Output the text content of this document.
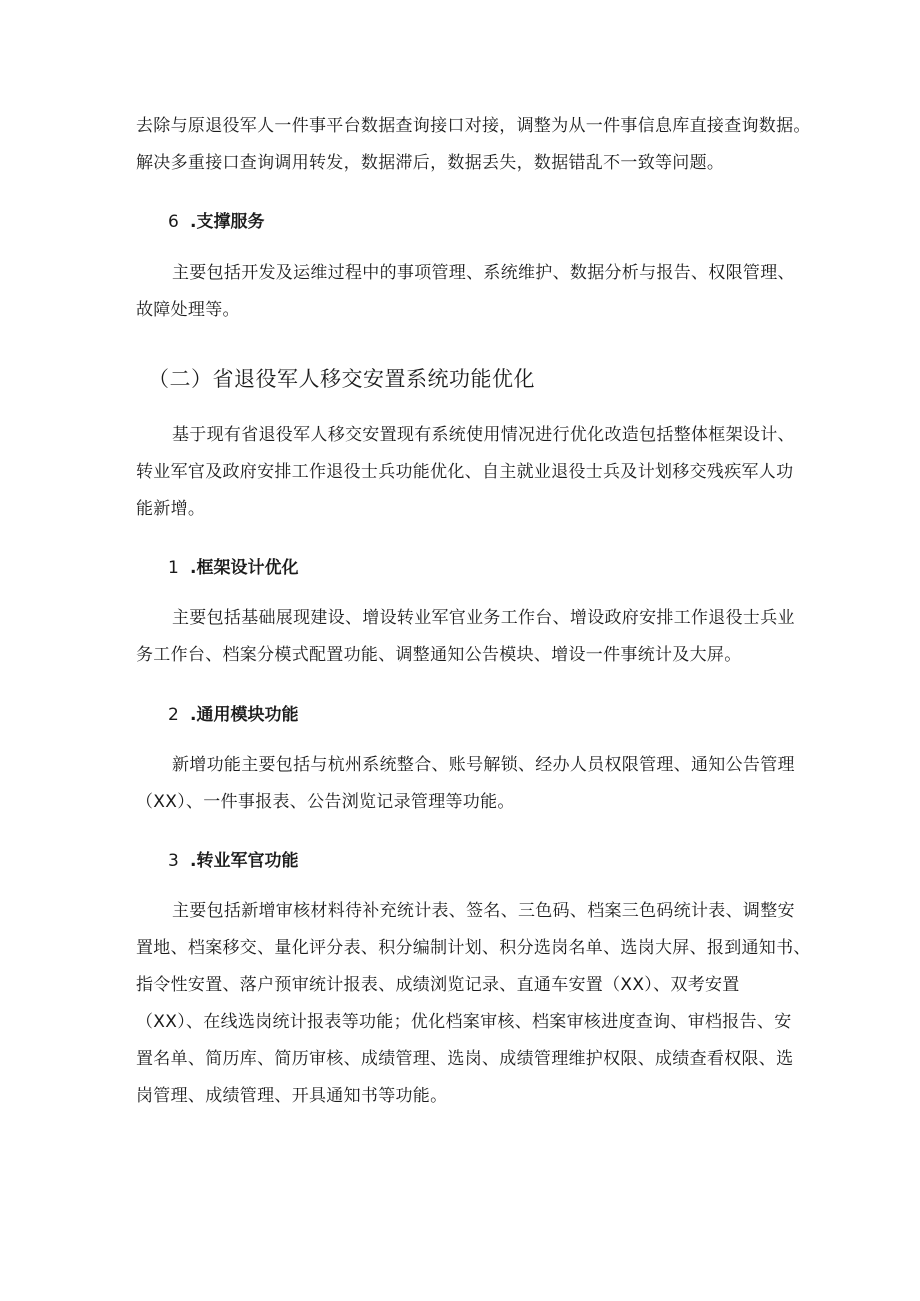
去除与原退役军人一件事平台数据查询接口对接，调整为从一件事信息库直接查询数据。
解决多重接口查询调用转发，数据滞后，数据丢失，数据错乱不一致等问题。
6 .支撑服务
主要包括开发及运维过程中的事项管理、系统维护、数据分析与报告、权限管理、
故障处理等。
（二）省退役军人移交安置系统功能优化
基于现有省退役军人移交安置现有系统使用情况进行优化改造包括整体框架设计、
转业军官及政府安排工作退役士兵功能优化、自主就业退役士兵及计划移交残疾军人功
能新增。
1 .框架设计优化
主要包括基础展现建设、增设转业军官业务工作台、增设政府安排工作退役士兵业
务工作台、档案分模式配置功能、调整通知公告模块、增设一件事统计及大屏。
2 .通用模块功能
新增功能主要包括与杭州系统整合、账号解锁、经办人员权限管理、通知公告管理
（XX）、一件事报表、公告浏览记录管理等功能。
3 .转业军官功能
主要包括新增审核材料待补充统计表、签名、三色码、档案三色码统计表、调整安
置地、档案移交、量化评分表、积分编制计划、积分选岗名单、选岗大屏、报到通知书、
指令性安置、落户预审统计报表、成绩浏览记录、直通车安置（XX）、双考安置
（XX）、在线选岗统计报表等功能；优化档案审核、档案审核进度查询、审档报告、安
置名单、简历库、简历审核、成绩管理、选岗、成绩管理维护权限、成绩查看权限、选
岗管理、成绩管理、开具通知书等功能。
